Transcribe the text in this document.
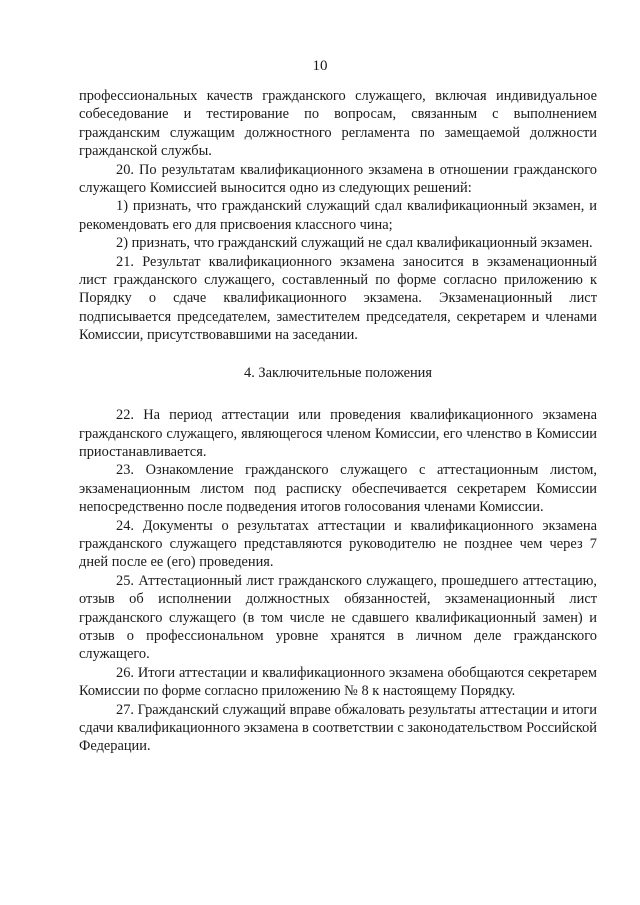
10

профессиональных качеств гражданского служащего, включая индивидуальное собеседование и тестирование по вопросам, связанным с выполнением гражданским служащим должностного регламента по замещаемой должности гражданской службы.

20. По результатам квалификационного экзамена в отношении гражданского служащего Комиссией выносится одно из следующих решений:

1) признать, что гражданский служащий сдал квалификационный экзамен, и рекомендовать его для присвоения классного чина;

2) признать, что гражданский служащий не сдал квалификационный экзамен.

21. Результат квалификационного экзамена заносится в экзаменационный лист гражданского служащего, составленный по форме согласно приложению к Порядку о сдаче квалификационного экзамена. Экзаменационный лист подписывается председателем, заместителем председателя, секретарем и членами Комиссии, присутствовавшими на заседании.

4. Заключительные положения

22. На период аттестации или проведения квалификационного экзамена гражданского служащего, являющегося членом Комиссии, его членство в Комиссии приостанавливается.

23. Ознакомление гражданского служащего с аттестационным листом, экзаменационным листом под расписку обеспечивается секретарем Комиссии непосредственно после подведения итогов голосования членами Комиссии.

24. Документы о результатах аттестации и квалификационного экзамена гражданского служащего представляются руководителю не позднее чем через 7 дней после ее (его) проведения.

25. Аттестационный лист гражданского служащего, прошедшего аттестацию, отзыв об исполнении должностных обязанностей, экзаменационный лист гражданского служащего (в том числе не сдавшего квалификационный замен) и отзыв о профессиональном уровне хранятся в личном деле гражданского служащего.

26. Итоги аттестации и квалификационного экзамена обобщаются секретарем Комиссии по форме согласно приложению № 8 к настоящему Порядку.

27. Гражданский служащий вправе обжаловать результаты аттестации и итоги сдачи квалификационного экзамена в соответствии с законодательством Российской Федерации.
